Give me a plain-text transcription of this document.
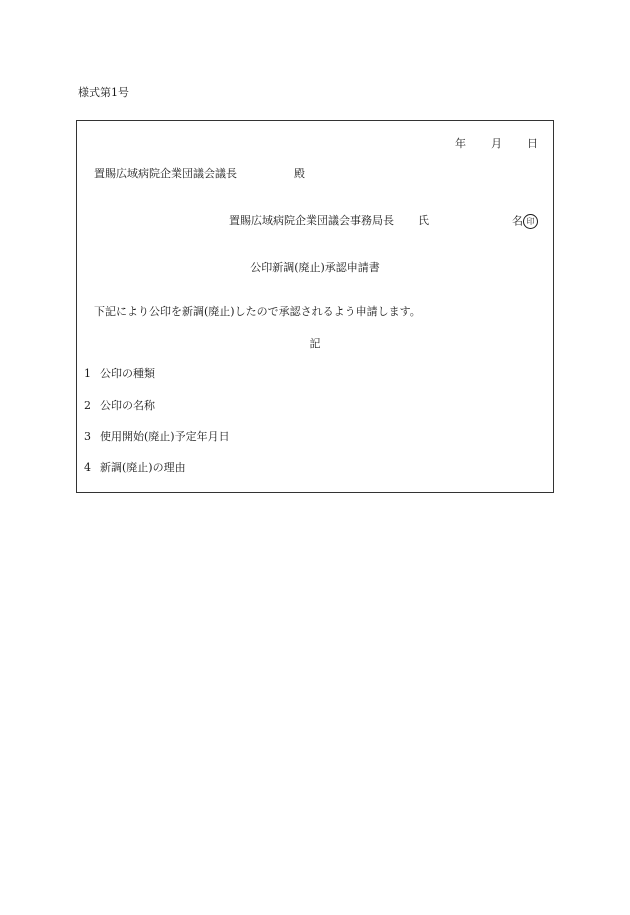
様式第1号
年 月 日
置賜広域病院企業団議会議長	殿
置賜広域病院企業団議会事務局長 氏	名 印
公印新調(廃止)承認申請書
下記により公印を新調(廃止)したので承認されるよう申請します。
記
1 公印の種類
2 公印の名称
3 使用開始(廃止)予定年月日
4 新調(廃止)の理由
